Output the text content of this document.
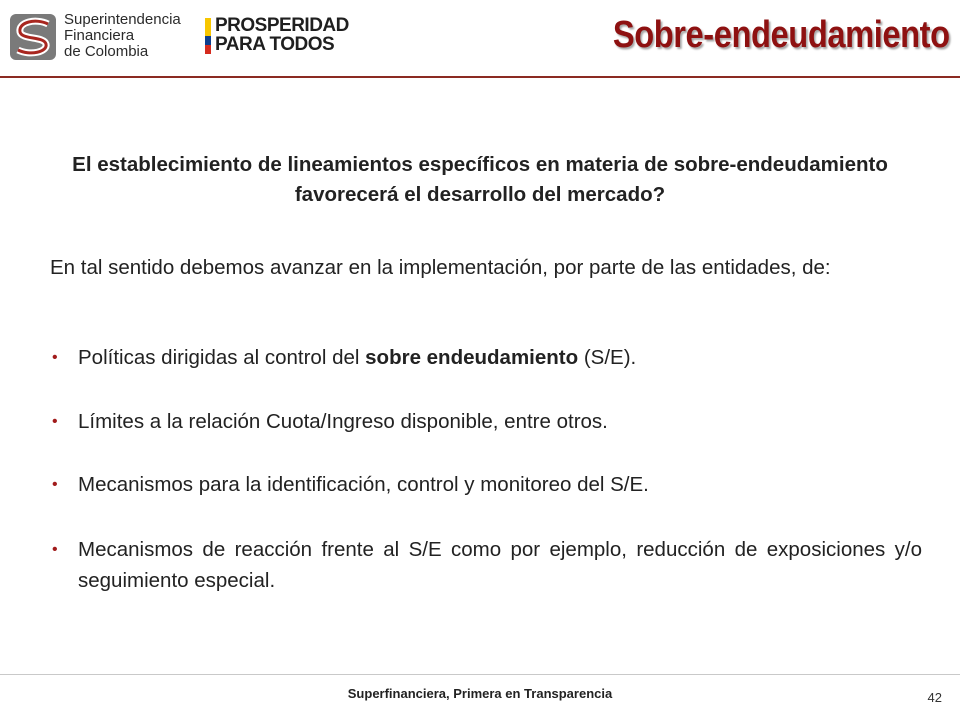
Superintendencia
Financiera
de Colombia
PROSPERIDAD
PARA TODOS	Sobre-endeudamiento
El establecimiento de lineamientos específicos en materia de sobre-endeudamiento favorecerá el desarrollo del mercado?
En tal sentido debemos avanzar en la implementación, por parte de las entidades, de:
• Políticas dirigidas al control del sobre endeudamiento (S/E).
• Límites a la relación Cuota/Ingreso disponible, entre otros.
• Mecanismos para la identificación, control y monitoreo del S/E.
• Mecanismos de reacción frente al S/E como por ejemplo, reducción de exposiciones y/o seguimiento especial.
Superfinanciera, Primera en Transparencia	42
